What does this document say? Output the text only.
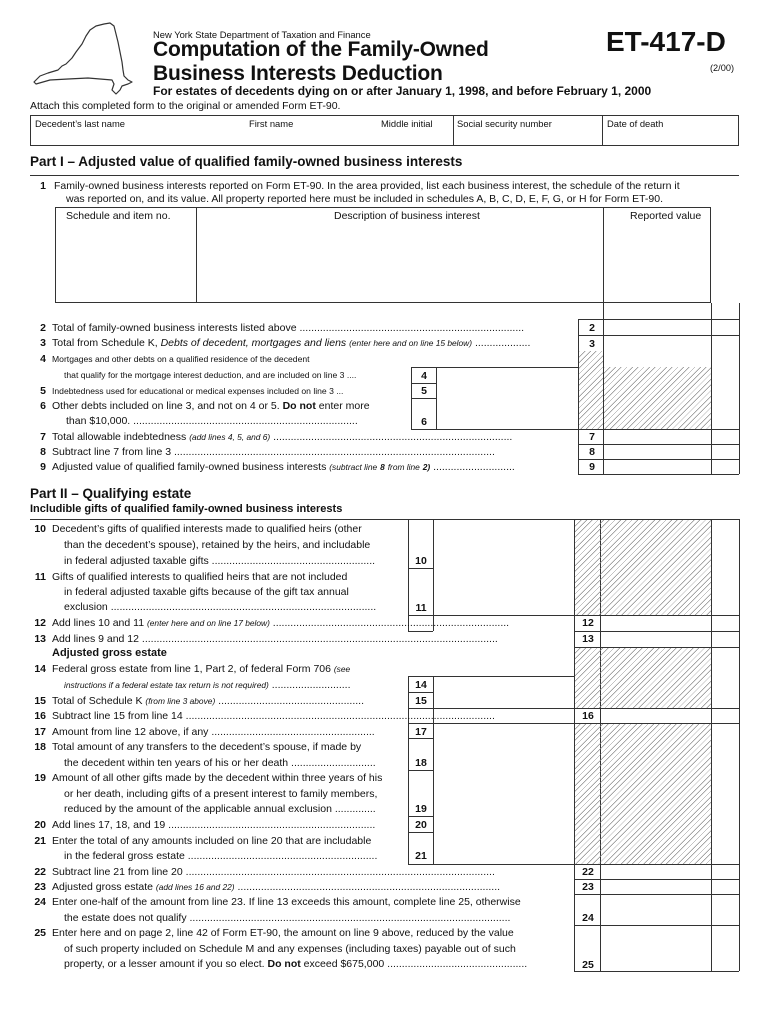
New York State Department of Taxation and Finance
Computation of the Family-Owned
Business Interests Deduction
ET-417-D
(2/00)
For estates of decedents dying on or after January 1, 1998, and before February 1, 2000
Attach this completed form to the original or amended Form ET-90.
Decedent’s last name	First name	Middle initial	Social security number	Date of death
Part I – Adjusted value of qualified family-owned business interests
1 Family-owned business interests reported on Form ET-90. In the area provided, list each business interest, the schedule of the return it
was reported on, and its value. All property reported here must be included in schedules A, B, C, D, E, F, G, or H for Form ET-90.
Schedule and item no.	Description of business interest	Reported value
2 Total of family-owned business interests listed above .............................................................................	2
3 Total from Schedule K, Debts of decedent, mortgages and liens (enter here and on line 15 below) ...................	3
4 Mortgages and other debts on a qualified residence of the decedent
that qualify for the mortgage interest deduction, and are included on line 3 ....	4
5 Indebtedness used for educational or medical expenses included on line 3 ...	5
6 Other debts included on line 3, and not on 4 or 5. Do not enter more
than $10,000. .............................................................................	6
7 Total allowable indebtedness (add lines 4, 5, and 6) ..................................................................................	7
8 Subtract line 7 from line 3 ..............................................................................................................	8
9 Adjusted value of qualified family-owned business interests (subtract line 8 from line 2) ............................	9
Part II – Qualifying estate
Includible gifts of qualified family-owned business interests
10 Decedent’s gifts of qualified interests made to qualified heirs (other
than the decedent’s spouse), retained by the heirs, and includable
in federal adjusted taxable gifts ........................................................	10
11 Gifts of qualified interests to qualified heirs that are not included
in federal adjusted taxable gifts because of the gift tax annual
exclusion ...........................................................................................	11
12 Add lines 10 and 11 (enter here and on line 17 below) .................................................................................	12
13 Add lines 9 and 12 ..........................................................................................................................	13
Adjusted gross estate
14 Federal gross estate from line 1, Part 2, of federal Form 706 (see
instructions if a federal estate tax return is not required) ...........................	14
15 Total of Schedule K (from line 3 above) ..................................................	15
16 Subtract line 15 from line 14 ..........................................................................................................	16
17 Amount from line 12 above, if any ........................................................	17
18 Total amount of any transfers to the decedent’s spouse, if made by
the decedent within ten years of his or her death .............................	18
19 Amount of all other gifts made by the decedent within three years of his
or her death, including gifts of a present interest to family members,
reduced by the amount of the applicable annual exclusion ..............	19
20 Add lines 17, 18, and 19 .......................................................................	20
21 Enter the total of any amounts included on line 20 that are includable
in the federal gross estate .................................................................	21
22 Subtract line 21 from line 20 ..........................................................................................................	22
23 Adjusted gross estate (add lines 16 and 22) ..........................................................................................	23
24 Enter one-half of the amount from line 23. If line 13 exceeds this amount, complete line 25, otherwise
the estate does not qualify ..............................................................................................................	24
25 Enter here and on page 2, line 42 of Form ET-90, the amount on line 9 above, reduced by the value
of such property included on Schedule M and any expenses (including taxes) payable out of such
property, or a lesser amount if you so elect. Do not exceed $675,000 ................................................	25
